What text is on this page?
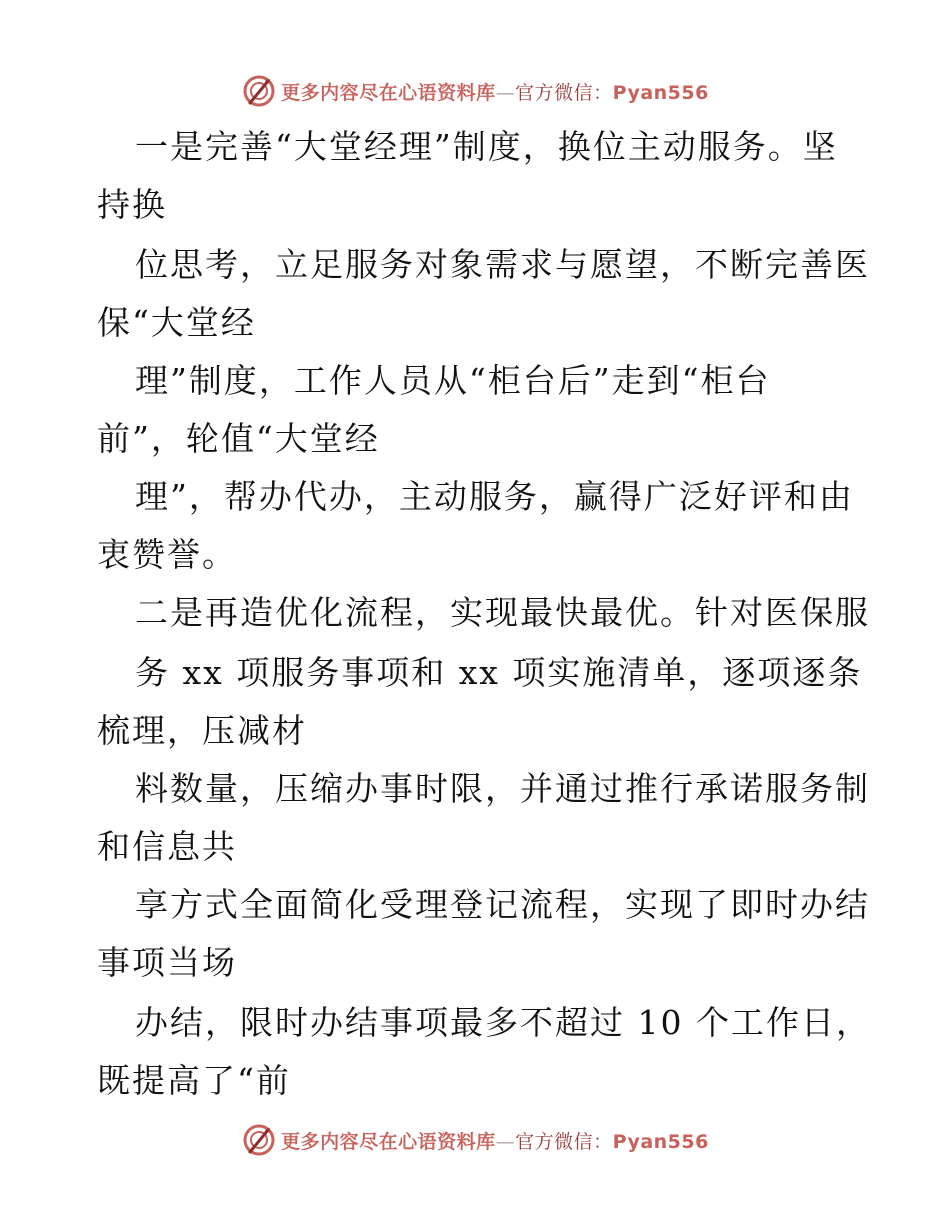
更多内容尽在心语资料库—官方微信：Pyan556
一是完善“大堂经理”制度，换位主动服务。坚
持换
位思考，立足服务对象需求与愿望，不断完善医
保“大堂经
理”制度，工作人员从“柜台后”走到“柜台
前”，轮值“大堂经
理”，帮办代办，主动服务，赢得广泛好评和由
衷赞誉。
二是再造优化流程，实现最快最优。针对医保服
务 xx 项服务事项和 xx 项实施清单，逐项逐条
梳理，压减材
料数量，压缩办事时限，并通过推行承诺服务制
和信息共
享方式全面简化受理登记流程，实现了即时办结
事项当场
办结，限时办结事项最多不超过 10 个工作日，
既提高了“前
更多内容尽在心语资料库—官方微信：Pyan556
